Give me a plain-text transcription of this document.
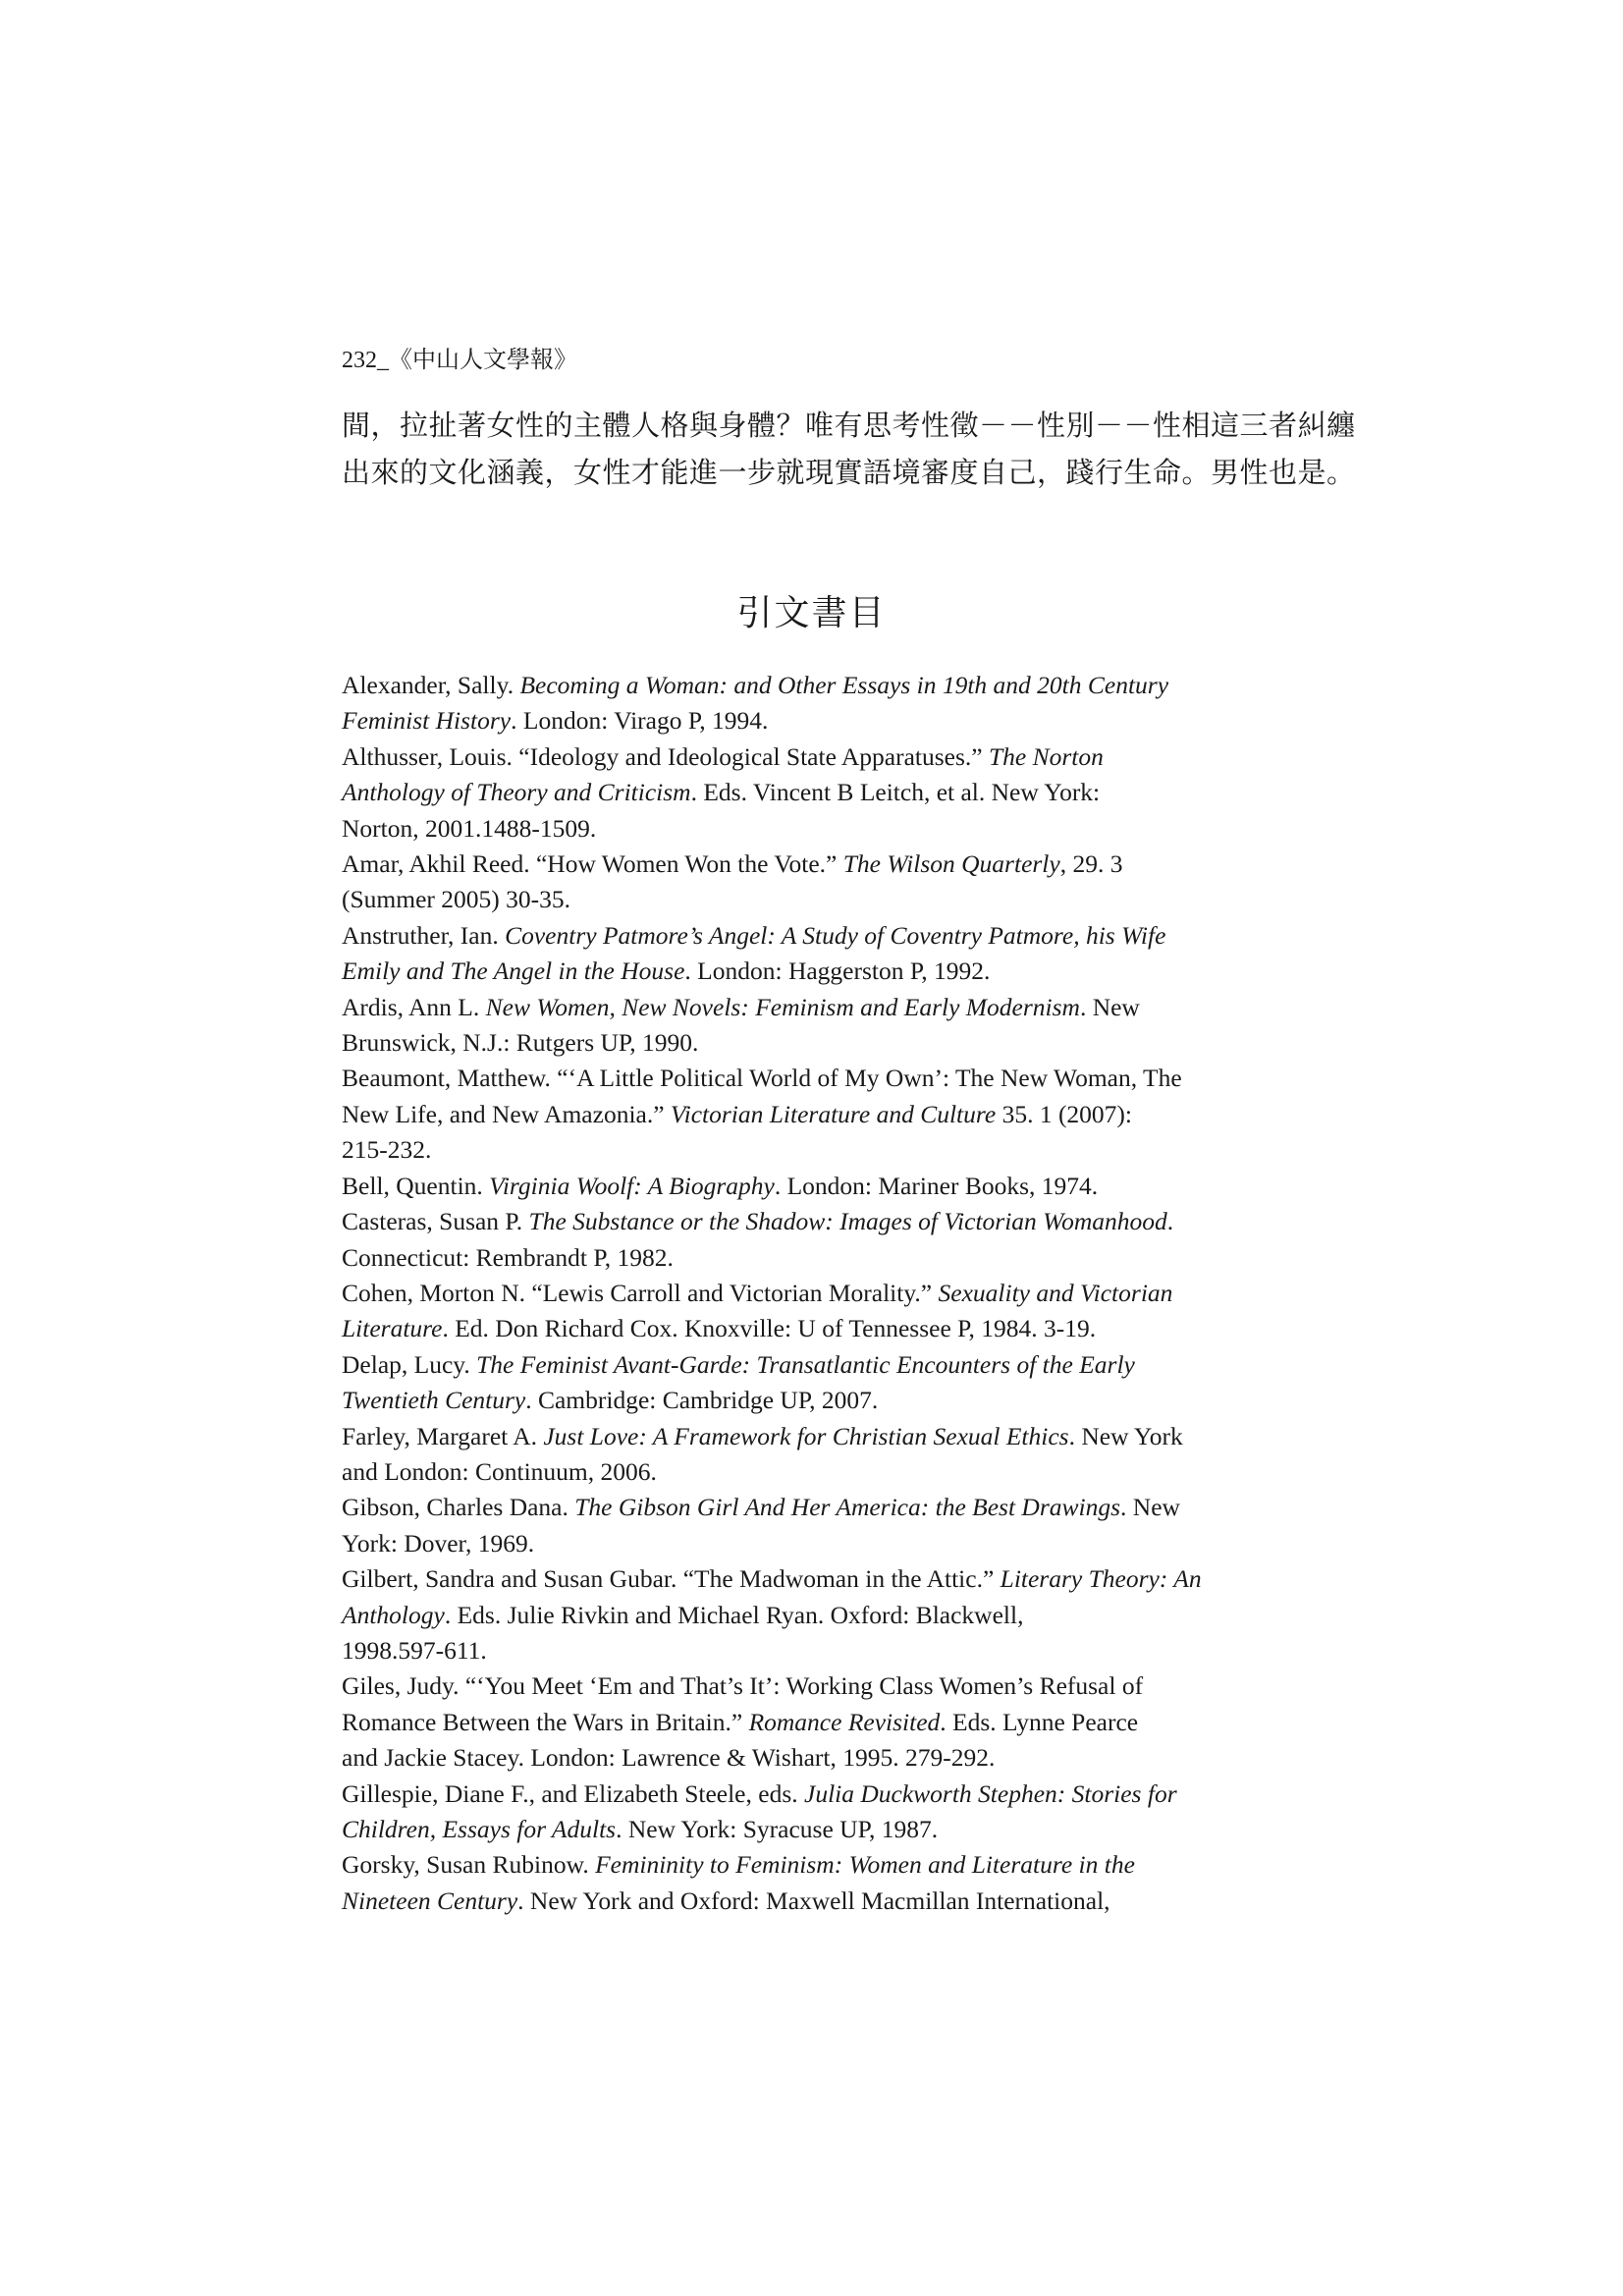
232_《中山人文學報》

間，拉扯著女性的主體人格與身體？唯有思考性徵－－性別－－性相這三者糾纏

出來的文化涵義，女性才能進一步就現實語境審度自己，踐行生命。男性也是。

引文書目
Alexander, Sally. Becoming a Woman: and Other Essays in 19th and 20th Century
Feminist History. London: Virago P, 1994.
Althusser, Louis. “Ideology and Ideological State Apparatuses.” The Norton
Anthology of Theory and Criticism. Eds. Vincent B Leitch, et al. New York:
Norton, 2001.1488-1509.
Amar, Akhil Reed. “How Women Won the Vote.” The Wilson Quarterly, 29. 3
(Summer 2005) 30-35.
Anstruther, Ian. Coventry Patmore’s Angel: A Study of Coventry Patmore, his Wife
Emily and The Angel in the House. London: Haggerston P, 1992.
Ardis, Ann L. New Women, New Novels: Feminism and Early Modernism. New
Brunswick, N.J.: Rutgers UP, 1990.
Beaumont, Matthew. “‘A Little Political World of My Own’: The New Woman, The
New Life, and New Amazonia.” Victorian Literature and Culture 35. 1 (2007):
215-232.
Bell, Quentin. Virginia Woolf: A Biography. London: Mariner Books, 1974.
Casteras, Susan P. The Substance or the Shadow: Images of Victorian Womanhood.
Connecticut: Rembrandt P, 1982.
Cohen, Morton N. “Lewis Carroll and Victorian Morality.” Sexuality and Victorian
Literature. Ed. Don Richard Cox. Knoxville: U of Tennessee P, 1984. 3-19.
Delap, Lucy. The Feminist Avant-Garde: Transatlantic Encounters of the Early
Twentieth Century. Cambridge: Cambridge UP, 2007.
Farley, Margaret A. Just Love: A Framework for Christian Sexual Ethics. New York
and London: Continuum, 2006.
Gibson, Charles Dana. The Gibson Girl And Her America: the Best Drawings. New
York: Dover, 1969.
Gilbert, Sandra and Susan Gubar. “The Madwoman in the Attic.” Literary Theory: An
Anthology. Eds. Julie Rivkin and Michael Ryan. Oxford: Blackwell,
1998.597-611.
Giles, Judy. “‘You Meet ‘Em and That’s It’: Working Class Women’s Refusal of
Romance Between the Wars in Britain.” Romance Revisited. Eds. Lynne Pearce
and Jackie Stacey. London: Lawrence & Wishart, 1995. 279-292.
Gillespie, Diane F., and Elizabeth Steele, eds. Julia Duckworth Stephen: Stories for
Children, Essays for Adults. New York: Syracuse UP, 1987.
Gorsky, Susan Rubinow. Femininity to Feminism: Women and Literature in the
Nineteen Century. New York and Oxford: Maxwell Macmillan International,
